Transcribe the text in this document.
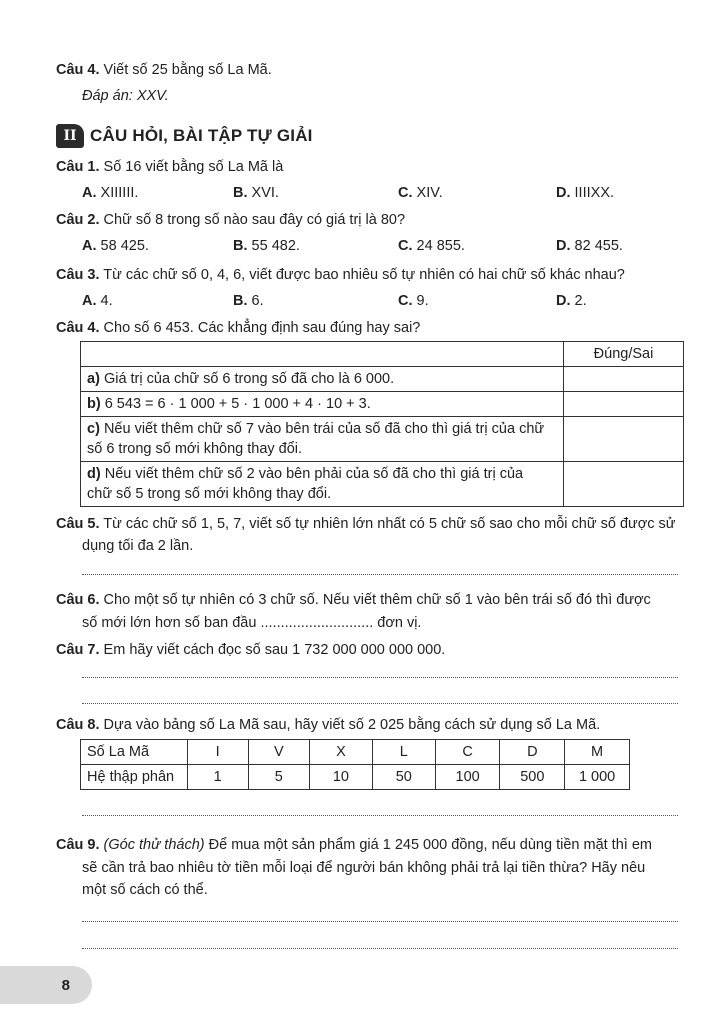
Câu 4. Viết số 25 bằng số La Mã.
Đáp án: XXV.
II CÂU HỎI, BÀI TẬP TỰ GIẢI
Câu 1. Số 16 viết bằng số La Mã là
A. XIIIIII.	B. XVI.	C. XIV.	D. IIIIXX.
Câu 2. Chữ số 8 trong số nào sau đây có giá trị là 80?
A. 58 425.	B. 55 482.	C. 24 855.	D. 82 455.
Câu 3. Từ các chữ số 0, 4, 6, viết được bao nhiêu số tự nhiên có hai chữ số khác nhau?
A. 4.	B. 6.	C. 9.	D. 2.
Câu 4. Cho số 6 453. Các khẳng định sau đúng hay sai?
	Đúng/Sai
a) Giá trị của chữ số 6 trong số đã cho là 6 000.	
b) 6 543 = 6 · 1 000 + 5 · 1 000 + 4 · 10 + 3.	
c) Nếu viết thêm chữ số 7 vào bên trái của số đã cho thì giá trị của chữ
số 6 trong số mới không thay đổi.	
d) Nếu viết thêm chữ số 2 vào bên phải của số đã cho thì giá trị của
chữ số 5 trong số mới không thay đổi.	
Câu 5. Từ các chữ số 1, 5, 7, viết số tự nhiên lớn nhất có 5 chữ số sao cho mỗi chữ số được sử
dụng tối đa 2 lần.
Câu 6. Cho một số tự nhiên có 3 chữ số. Nếu viết thêm chữ số 1 vào bên trái số đó thì được
số mới lớn hơn số ban đầu ............................ đơn vị.
Câu 7. Em hãy viết cách đọc số sau 1 732 000 000 000 000.
Câu 8. Dựa vào bảng số La Mã sau, hãy viết số 2 025 bằng cách sử dụng số La Mã.
Số La Mã	I	V	X	L	C	D	M
Hệ thập phân	1	5	10	50	100	500	1 000
Câu 9. (Góc thử thách) Để mua một sản phẩm giá 1 245 000 đồng, nếu dùng tiền mặt thì em
sẽ cần trả bao nhiêu tờ tiền mỗi loại để người bán không phải trả lại tiền thừa? Hãy nêu
một số cách có thể.
8
